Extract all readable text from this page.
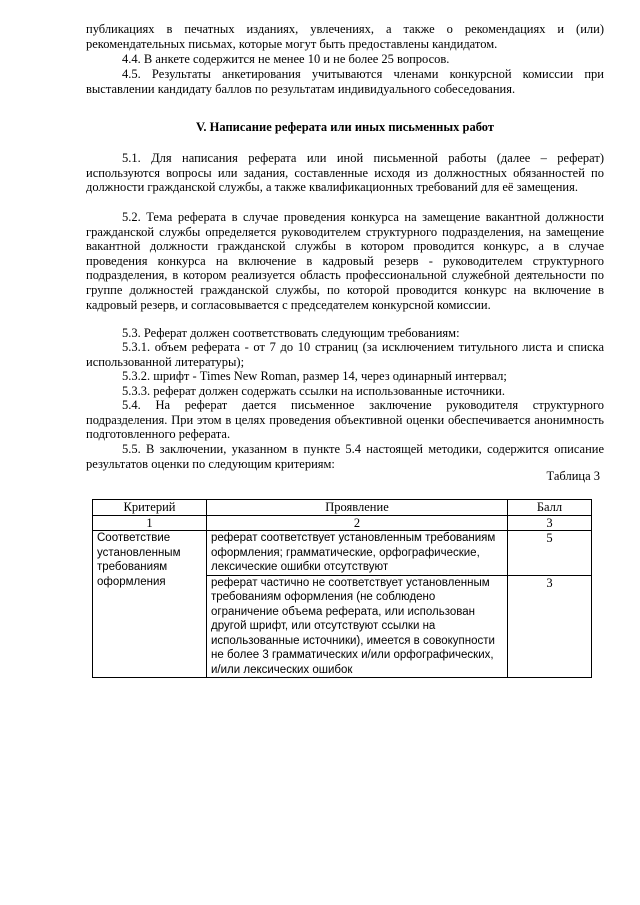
публикациях в печатных изданиях, увлечениях, а также о рекомендациях и (или) рекомендательных письмах, которые могут быть предоставлены кандидатом.

4.4. В анкете содержится не менее 10 и не более 25 вопросов.

4.5. Результаты анкетирования учитываются членами конкурсной комиссии при выставлении кандидату баллов по результатам индивидуального собеседования.

V. Написание реферата или иных письменных работ

5.1. Для написания реферата или иной письменной работы (далее – реферат) используются вопросы или задания, составленные исходя из должностных обязанностей по должности гражданской службы, а также квалификационных требований для её замещения.

5.2. Тема реферата в случае проведения конкурса на замещение вакантной должности гражданской службы определяется руководителем структурного подразделения, на замещение вакантной должности гражданской службы в котором проводится конкурс, а в случае проведения конкурса на включение в кадровый резерв - руководителем структурного подразделения, в котором реализуется область профессиональной служебной деятельности по группе должностей гражданской службы, по которой проводится конкурс на включение в кадровый резерв, и согласовывается с председателем конкурсной комиссии.

5.3. Реферат должен соответствовать следующим требованиям:

5.3.1. объем реферата - от 7 до 10 страниц (за исключением титульного листа и списка использованной литературы);

5.3.2. шрифт - Times New Roman, размер 14, через одинарный интервал;

5.3.3. реферат должен содержать ссылки на использованные источники.

5.4. На реферат дается письменное заключение руководителя структурного подразделения. При этом в целях проведения объективной оценки обеспечивается анонимность подготовленного реферата.

5.5. В заключении, указанном в пункте 5.4 настоящей методики, содержится описание результатов оценки по следующим критериям:

Таблица 3

Критерий	Проявление	Балл
1	2	3
Соответствие установленным требованиям оформления	реферат соответствует установленным требованиям оформления; грамматические, орфографические, лексические ошибки отсутствуют	5
	реферат частично не соответствует установленным требованиям оформления (не соблюдено ограничение объема реферата, или использован другой шрифт, или отсутствуют ссылки на использованные источники), имеется в совокупности не более 3 грамматических и/или орфографических, и/или лексических ошибок	3
